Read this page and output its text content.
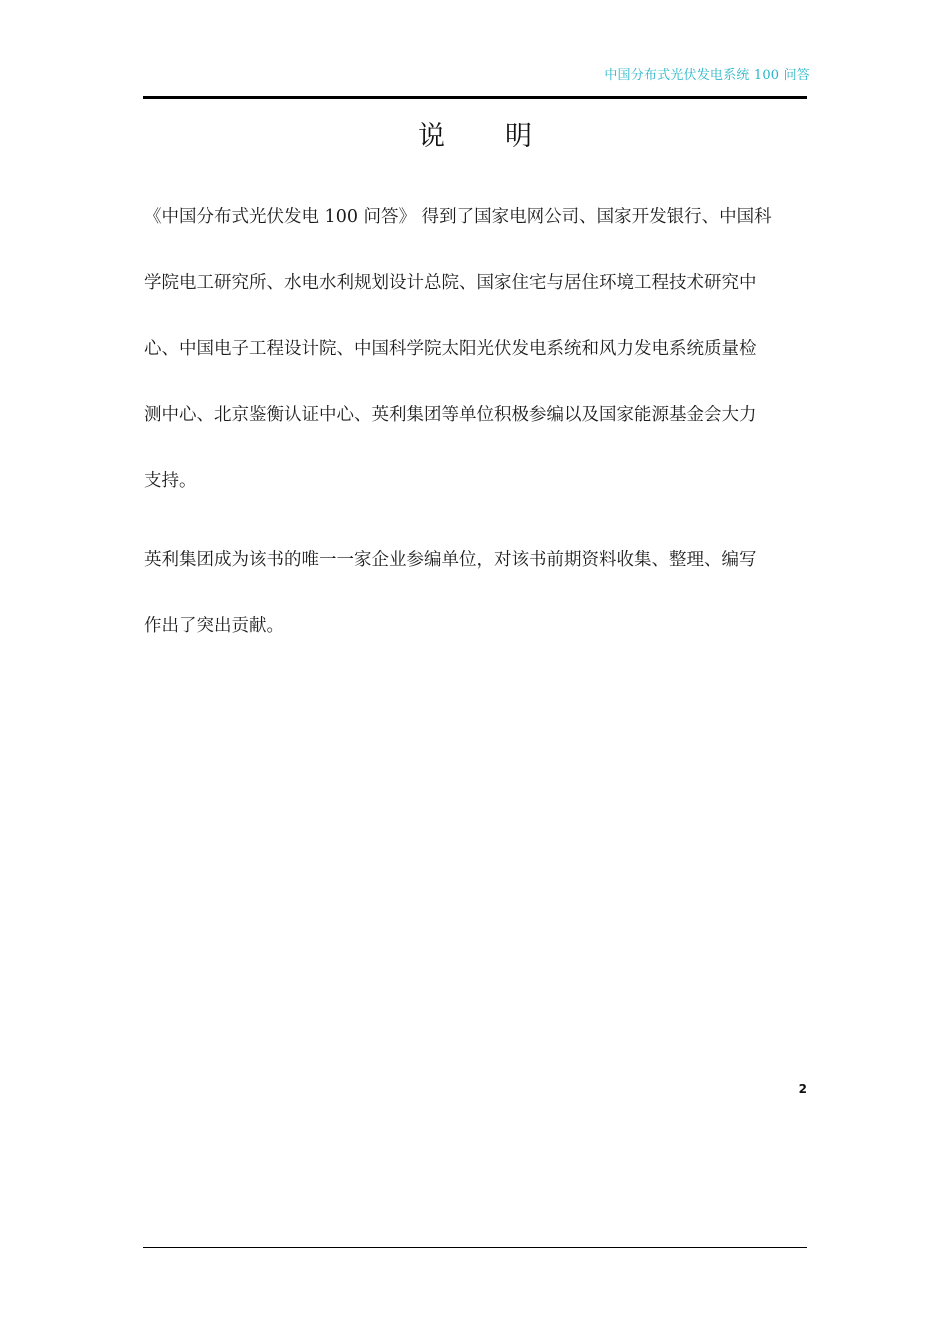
中国分布式光伏发电系统 100 问答
说明
《中国分布式光伏发电 100 问答》 得到了国家电网公司、国家开发银行、中国科
学院电工研究所、水电水利规划设计总院、国家住宅与居住环境工程技术研究中
心、中国电子工程设计院、中国科学院太阳光伏发电系统和风力发电系统质量检
测中心、北京鉴衡认证中心、英利集团等单位积极参编以及国家能源基金会大力
支持。
英利集团成为该书的唯一一家企业参编单位，对该书前期资料收集、整理、编写
作出了突出贡献。
2
